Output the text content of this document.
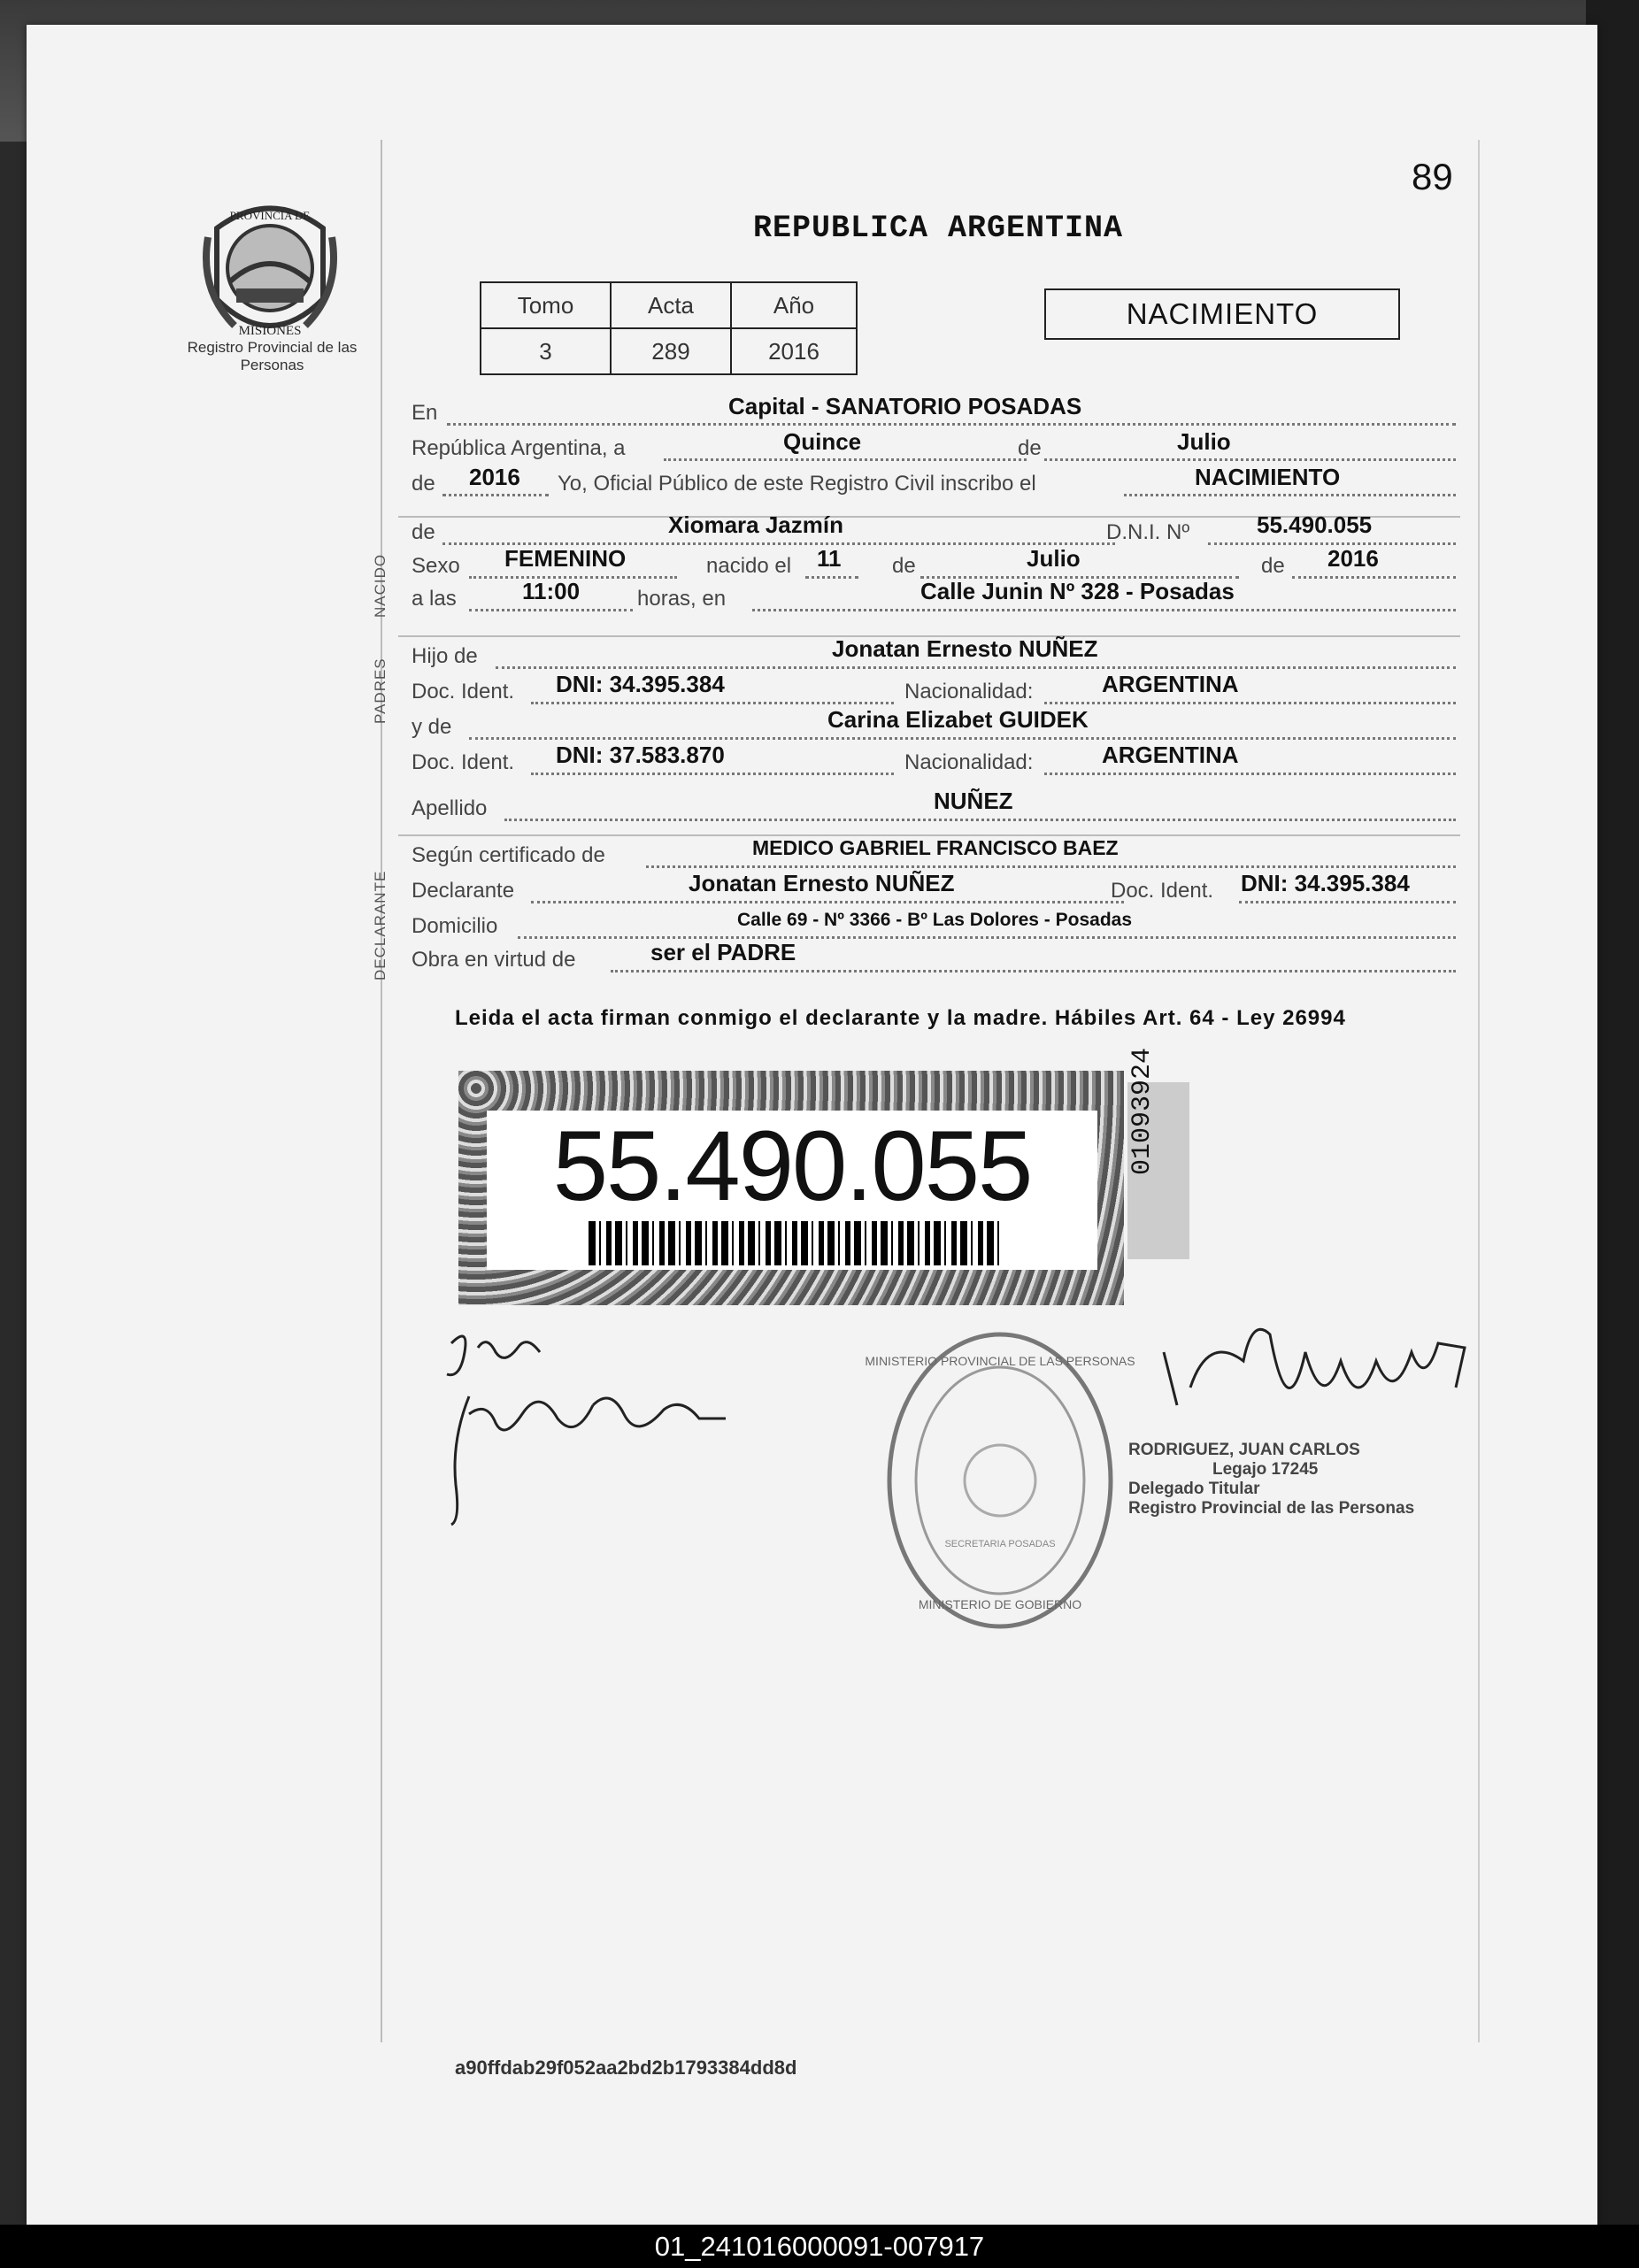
89
PROVINCIA DE
MISIONES
Registro Provincial de las Personas
REPUBLICA ARGENTINA
Tomo	Acta	Año
3	289	2016
NACIMIENTO
En	Capital - SANATORIO POSADAS
República Argentina, a	Quince	de	Julio
de 2016 Yo, Oficial Público de este Registro Civil inscribo el	NACIMIENTO
NACIDO
de	Xiomara Jazmín	D.N.I. Nº	55.490.055
Sexo FEMENINO	nacido el 11 de	Julio	de 2016
a las	11:00	horas, en	Calle Junin Nº 328 - Posadas
PADRES
Hijo de	Jonatan Ernesto NUÑEZ
Doc. Ident. DNI: 34.395.384	Nacionalidad:	ARGENTINA
y de	Carina Elizabet GUIDEK
Doc. Ident. DNI: 37.583.870	Nacionalidad:	ARGENTINA
Apellido	NUÑEZ
DECLARANTE
Según certificado de	MEDICO GABRIEL FRANCISCO BAEZ
Declarante	Jonatan Ernesto NUÑEZ	Doc. Ident. DNI: 34.395.384
Domicilio	Calle 69 - Nº 3366 - Bº Las Dolores - Posadas
Obra en virtud de	ser el PADRE
Leida el acta firman conmigo el declarante y la madre. Hábiles Art. 64 - Ley 26994
55.490.055	01093924
MINISTERIO PROVINCIAL DE LAS PERSONAS
MINISTERIO DE GOBIERNO
SECRETARIA POSADAS
RODRIGUEZ, JUAN CARLOS
Legajo 17245
Delegado Titular
Registro Provincial de las Personas
a90ffdab29f052aa2bd2b1793384dd8d
01_241016000091-007917
